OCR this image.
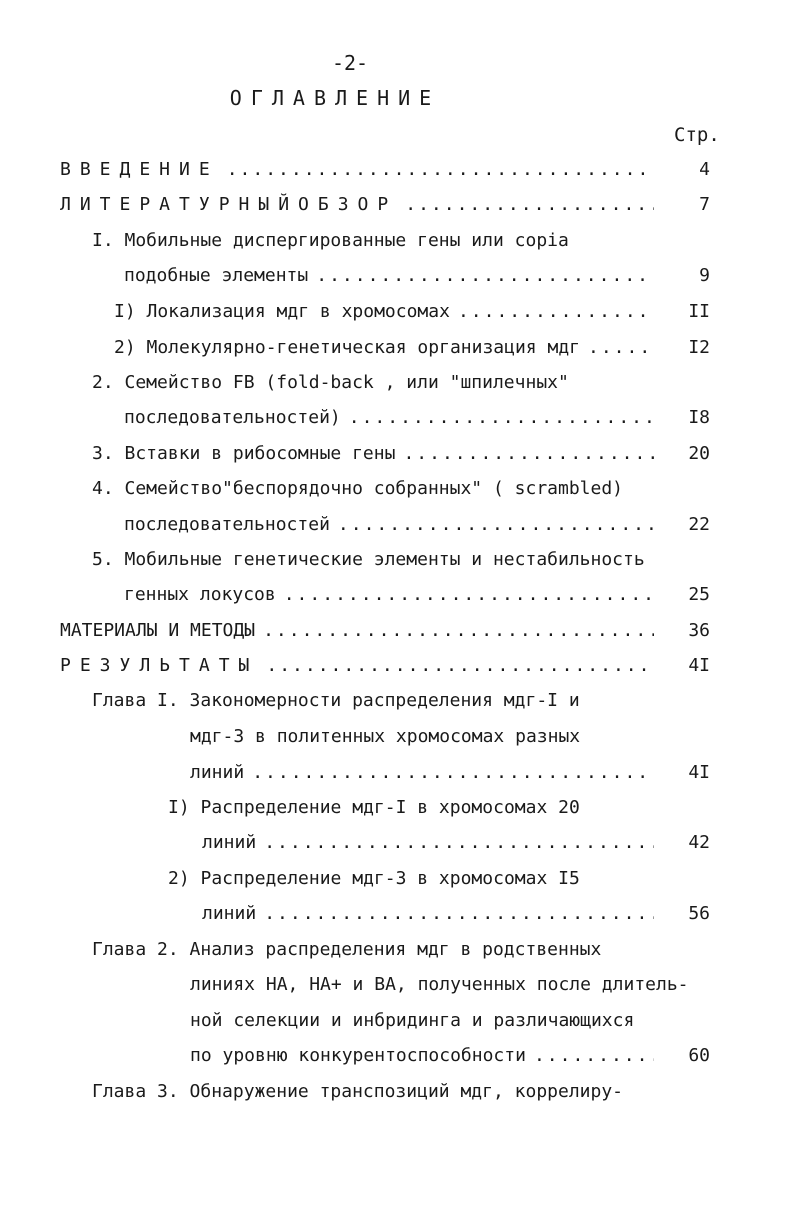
-2-
ОГЛАВЛЕНИЕ
Стр.
ВВЕДЕНИЕ .....	4
ЛИТЕРАТУРНЫЙОБЗОР .....	7
I. Мобильные диспергированные гены или copia
подобные элементы .....	9
I) Локализация мдг в хромосомах .....	II
2) Молекулярно-генетическая организация мдг .....	I2
2. Семейство FB (fold-back , или "шпилечных"
последовательностей) .....	I8
3. Вставки в рибосомные гены .....	20
4. Семейство"беспорядочно собранных" ( scrambled)
последовательностей .....	22
5. Мобильные генетические элементы и нестабильность
генных локусов .....	25
МАТЕРИАЛЫ И МЕТОДЫ .....	36
РЕЗУЛЬТАТЫ .....	4I
Глава I. Закономерности распределения мдг-I и
мдг-3 в политенных хромосомах разных
линий .....	4I
I) Распределение мдг-I в хромосомах 20
линий .....	42
2) Распределение мдг-3 в хромосомах I5
линий .....	56
Глава 2. Анализ распределения мдг в родственных
линиях НА, НА+ и ВА, полученных после длитель-
ной селекции и инбридинга и различающихся
по уровню конкурентоспособности .....	60
Глава 3. Обнаружение транспозиций мдг, коррелиру-
